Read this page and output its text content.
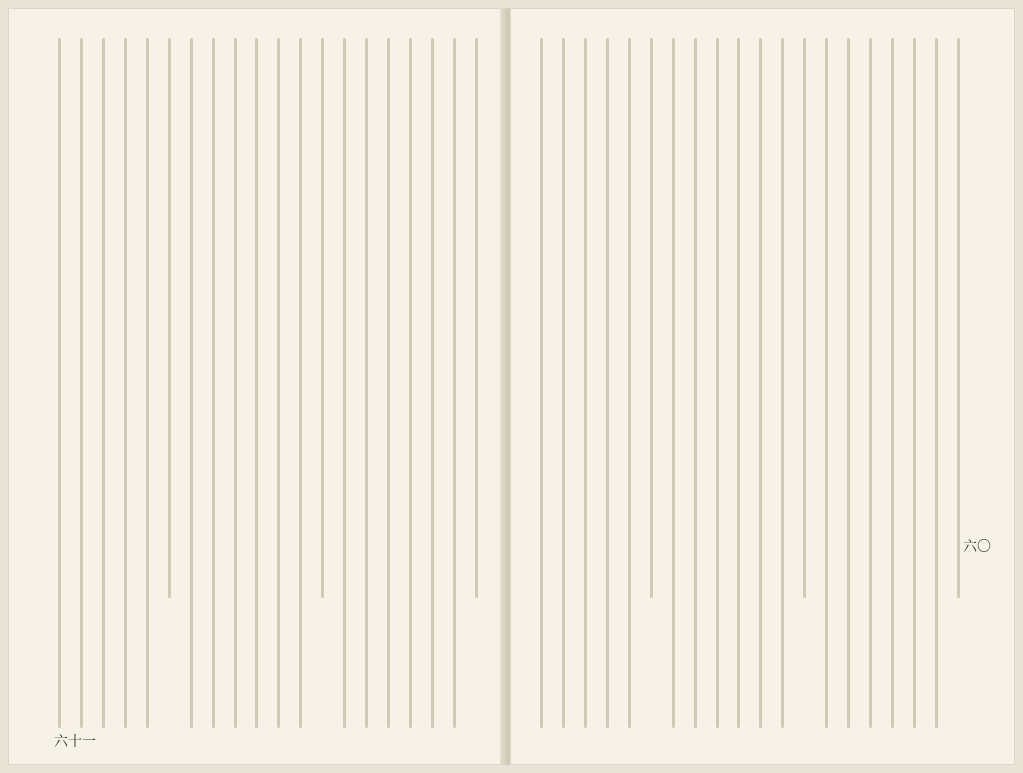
六十一
六〇
